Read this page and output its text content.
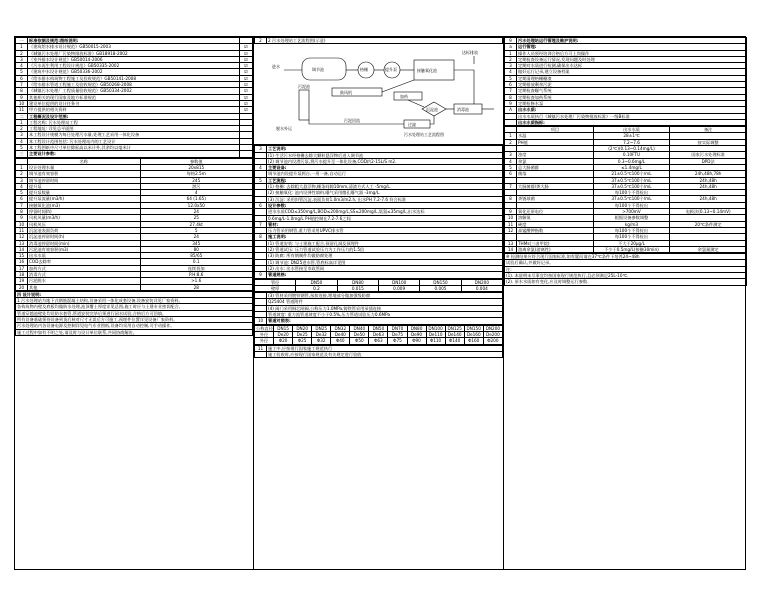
一	标准依据及规范:图纸说明:	
1	《建筑给水排水设计规范》GB50015-2003	☑
2	《城镇污水处理厂污染物排放标准》GB18918-2002	☑
3	《室外排水设计规范》GB50014-2006	☑
4	《污水再生利用工程设计规范》GB50335-2002	☑
5	《建筑中水设计规范》GB50336-2002	☑
6	《给水排水构筑物工程施工及验收规范》GB50141-2008	☑
7	《给水排水管道工程施工及验收规范》GB50268-2008	☑
8	《城镇污水处理厂工程质量验收规范》GB50334-2002	☑
9	其他相关的现行国家及地方标准规范	☑
10	建设单位提供的设计任务书	☑
11	甲方提供的相关资料	☑
二	工程概况及设计范围:	
1	工程名称: 污水处理站工程	
2	工程地址: 详见总平面图	
3	本工程设计规模为每日处理污水量,处理工艺采用一体化设备	
4	本工程设计范围包括: 污水处理站内的工艺设计	
5	本工程图纸中尺寸单位除标高以米计外,其余均以毫米计	
三	主要设计参数:	
	名称	参数值
1	设计处理水量	20x815
2	调节池有效容积	每格2.5m
3	调节池停留时间	245
4	提升泵	潜污
5	提升泵数量	4
6	提升泵流量(m3/h)	64 (1.65)
7	接触氧化池(m3)	12.0x50
8	停留时间(h)	24
9	风机风量(m3/h)	25
10	风机风压	27.4kt
11	沉淀池表面负荷	5
12	沉淀池停留时间(h)	24
13	消毒池停留时间(min)	345
14	污泥池有效容积(m3)	80
15	出水水质	85/65
16	COD去除率	0.1
17	加药方式	连续投加
18	消毒方式	P.H:8.6
19	污泥脱水	>1.6
20	其他	28
四 设计说明:
1 污水处理站为地下式钢筋混凝土结构,设备采用一体化成套设备,设备安装详见厂家资料。
各构筑物内壁及底板均做防水处理,池顶覆土厚度详见总图,施工时应与土建专业密切配合。
管道穿越池壁处均设防水套管,管道安装完毕后须进行闭水试验,合格后方可回填。
所有设备基础须待设备到货后核对尺寸无误后方可施工,预埋件位置详见设备厂家资料。
污水处理站内各设备电源及控制详见电气专业图纸,设备均采用自动控制,可手动操作。
施工过程中如有不明之处,请及时与设计单位联系,共同协商解决。
2	2 污水处理站工艺流程图(示意)
进水
调节池	格栅	提升泵	接触氧化池
达标排放
鼓风机
污泥池
加药
沉淀池	消毒池
过滤
污泥回流
脱水外运
污水处理站工艺流程图
3	工艺说明:
	(1) 生活污水经格栅去除大颗粒悬浮物后进入调节池
	(2) 调节池内设潜污泵,将污水提升至一体化设备,COD约2-15L/S m2.
4	主要设备:
	调节池内设提升泵两台,一用一备,自动运行
5	工艺流程:
	(1) 格栅: 去除粗大悬浮物,栅条间隙10mm,清渣方式人工 -5mg/L.
	(2) 接触氧化: 池内设弹性填料,曝气采用微孔曝气器 -3mg/L.
	(3) 沉淀: 采用斜管沉淀,表面负荷1.0m3/m2.h, 出水PH 7.2-7.6 符合标准
6	设计参数:
	进水水质COD≤350mg/L,BOD≤200mg/L,SS≤200mg/L,氨氮≤35mg/L,出水达标
	0.6mg/L-1.0mg/L PH值控制在7.2-7.6之间
7	管材:
	压力管采用钢管,重力管采用UPVC排水管
8	施工说明:
	(1) 管道安装: 与土建施工配合,预留孔洞及预埋件
	(2) 管道试压: 压力管道试验压力为工作压力的1.5倍
	(3) 防腐: 所有钢制件均做防腐处理
	(1) 调节池: DN25进水管,管底标高详见图
	(2) 出水: 出水管接至市政管网
9	管道规格:
管径	DN50	DN80	DN100	DN150	DN200
壁厚	0.2	0.015	0.009	0.005	0.004
	(3) 管材采用镀锌钢管,丝扣连接,埋地部分做加强级防腐
	Q25404 管道附件
	(4) 阀门采用铜芯闸阀,公称压力1.0MPa,铸铁管采用承插连接
	管道坡度: 重力流管道坡度不小于0.5%,压力管道试验压力0.6MPa
10	管道对照表:
公称直径	DN15	DN20	DN25	DN32	DN40	DN50	DN70	DN80	DN100	DN125	DN150	DN200
外径	De20	De25	De32	De40	De50	De63	De75	De90	De110	De140	De160	De200
外径	Φ20	Φ25	Φ32	Φ40	Φ50	Φ63	Φ75	Φ90	Φ110	Φ140	Φ160	Φ200
11	施工中,应按现行国家施工规范执行
	施工验收时,应按现行国家规范及有关规定进行验收
9	污水处理站运行管理及维护说明:
a	运行管理:
1	操作人员须经培训合格后方可上岗操作
2	定期检查设备运行情况,发现问题及时处理
3	定期对水质进行检测,确保出水达标
4	做好运行记录,建立设备档案
5	定期清理格栅栅渣
6	定期排放剩余污泥
7	定期检查曝气系统
8	定期检查加药系统
9	定期检修水泵
A	出水水质:
	出水水质执行《城镇污水处理厂污染物排放标准》一级B标准
	出水水质指标:
	项目	出水水质	备注
1	水温	28±1℃	
2	PH值	7.2~7.6	按实际调整
		(2℃)(0.13~0.14mg/L)	
3	浊度	0.10FTU	国家污水处理标准
4	余氯	0.3~0.6mg/L	DPD法
5	总大肠菌群	≤1.4mg/L	
6	菌落	21±0.5℃100个/mL	24h,48h,78h
		37±0.5℃100个/mL	24h,48h
7	大肠菌群/粪大肠	37±0.5℃100个/mL	24h,48h
		每100个不得检出	
8	粪链球菌	37±0.5℃100个/mL	24h,48h
		每100个不得检出	
9	氧化还原电位	>700mV	电极法(0.13~0.14mV)
10	溶解氧	根据设备参数调整	
11	硬度	kg/m3	20℃条件测定
12	高锰酸钾指数	每100个不得检出	
		每100个不得检出	
13	THMs(三卤甲烷)	不大于20μg/L	
14	游离余氯(游离性)	不少于0.5mg/L(接触30min)	余氯量测定
※ 检测结果应符合现行国家标准,如有疑问请在37℃条件下培养24~48h
试验后确认,并做好记录。
注:
(1). 本说明未尽事宜均按国家现行规范执行,且必须满足25L-10℃.
(2). 原水水质如有变化,应及时调整运行参数.
